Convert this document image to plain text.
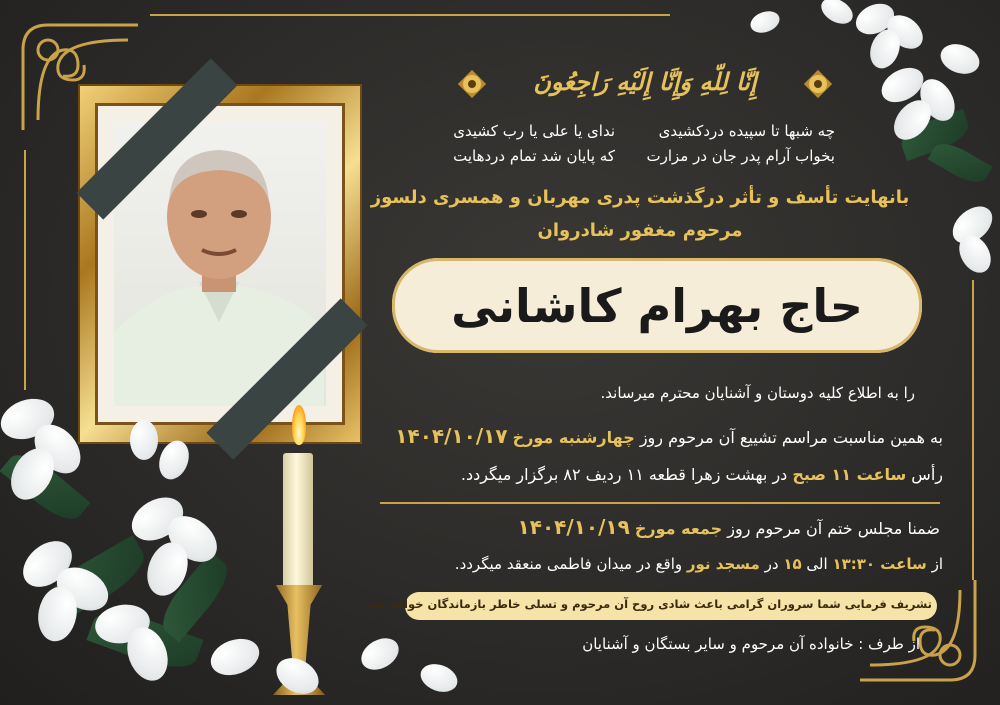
إِنَّا لِلّهِ وَإِنَّا إِلَيْهِ رَاجِعُونَ
چه شبها تا سپیده دردکشیدی
ندای یا علی یا رب کشیدی
بخواب آرام پدر جان در مزارت
که پایان شد تمام دردهایت
بانهایت تأسف و تأثر درگذشت پدری مهربان و همسری دلسوز
مرحوم مغفور شادروان
حاج بهرام کاشانی
را به اطلاع کلیه دوستان و آشنایان محترم میرساند.
به همین مناسبت مراسم تشییع آن مرحوم روز چهارشنبه مورخ ۱۴۰۴/۱۰/۱۷
رأس ساعت ۱۱ صبح در بهشت زهرا قطعه ۱۱ ردیف ۸۲ برگزار میگردد.
ضمنا مجلس ختم آن مرحوم روز جمعه مورخ ۱۴۰۴/۱۰/۱۹
از ساعت ۱۳:۳۰ الی ۱۵ در مسجد نور واقع در میدان فاطمی منعقد میگردد.
تشریف فرمایی شما سروران گرامی باعث شادی روح آن مرحوم و تسلی خاطر بازماندگان خواهد شد
از طرف : خانواده آن مرحوم و سایر بستگان و آشنایان
